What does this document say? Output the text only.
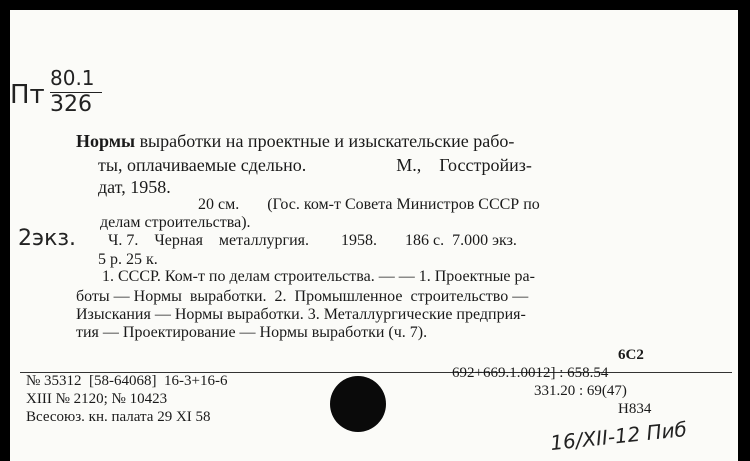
Пт
80.1
326
2экз.
Нормы выработки на проектные и изыскательские рабо-
ты, оплачиваемые сдельно.                    М.,    Госстройиз-
дат, 1958.
20 см.       (Гос. ком-т Совета Министров СССР по
делам строительства).
Ч. 7.    Черная    металлургия.        1958.       186 с.  7.000 экз.
5 р. 25 к.
1. СССР. Ком-т по делам строительства. — — 1. Проектные ра-
боты — Нормы  выработки.  2.  Промышленное  строительство —
Изыскания — Нормы выработки. 3. Металлургические предприя-
тия — Проектирование — Нормы выработки (ч. 7).
6С2
692+669.1.0012] : 658.54
331.20 : 69(47)
Н834
№ 35312  [58-64068]  16-3+16-6
XIII № 2120; № 10423
Всесоюз. кн. палата 29 XI 58	16/XII-12 Пиб
